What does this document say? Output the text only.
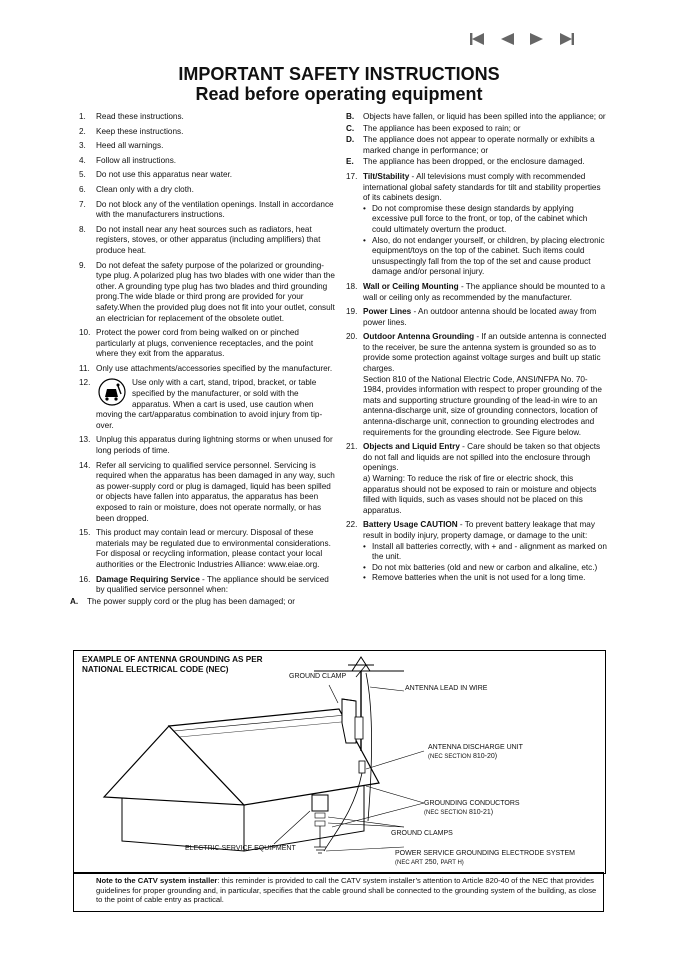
IMPORTANT SAFETY INSTRUCTIONS
Read before operating equipment
1.	Read these instructions.
2.	Keep these instructions.
3.	Heed all warnings.
4.	Follow all instructions.
5.	Do not use this apparatus near water.
6.	Clean only with a dry cloth.
7.	Do not block any of the ventilation openings. Install in accordance with the manufacturers instructions.
8.	Do not install near any heat sources such as radiators, heat registers, stoves, or other apparatus (including amplifiers) that produce heat.
9.	Do not defeat the safety purpose of the polarized or grounding-type plug. A polarized plug has two blades with one wider than the other. A grounding type plug has two blades and third grounding prong.The wide blade or third prong are provided for your safety.When the provided plug does not fit into your outlet, consult an electrician for replacement of the obsolete outlet.
10. Protect the power cord from being walked on or pinched particularly at plugs, convenience receptacles, and the point where they exit from the apparatus.
11. Only use attachments/accessories specified by the manufacturer.
12.	Use only with a cart, stand, tripod, bracket, or table specified by the manufacturer, or sold with the apparatus. When a cart is used, use caution when moving the cart/apparatus combination to avoid injury from tip-over.
13. Unplug this apparatus during lightning storms or when unused for long periods of time.
14. Refer all servicing to qualified service personnel. Servicing is required when the apparatus has been damaged in any way, such as power-supply cord or plug is damaged, liquid has been spilled or objects have fallen into apparatus, the apparatus has been exposed to rain or moisture, does not operate normally, or has been dropped.
15. This product may contain lead or mercury. Disposal of these materials may be regulated due to environmental considerations. For disposal or recycling information, please contact your local authorities or the Electronic Industries Alliance: www.eiae.org.
16. Damage Requiring Service - The appliance should be serviced by qualified service personnel when:
A.	The power supply cord or the plug has been damaged; or
B.	Objects have fallen, or liquid has been spilled into the appliance; or
C.	The appliance has been exposed to rain; or
D.	The appliance does not appear to operate normally or exhibits a marked change in performance; or
E.	The appliance has been dropped, or the enclosure damaged.
17. Tilt/Stability - All televisions must comply with recommended international global safety standards for tilt and stability properties of its cabinets design.
• Do not compromise these design standards by applying excessive pull force to the front, or top, of the cabinet which could ultimately overturn the product.
• Also, do not endanger yourself, or children, by placing electronic equipment/toys on the top of the cabinet. Such items could unsuspectingly fall from the top of the set and cause product damage and/or personal injury.
18. Wall or Ceiling Mounting - The appliance should be mounted to a wall or ceiling only as recommended by the manufacturer.
19. Power Lines - An outdoor antenna should be located away from power lines.
20. Outdoor Antenna Grounding - If an outside antenna is connected to the receiver, be sure the antenna system is grounded so as to provide some protection against voltage surges and built up static charges.
Section 810 of the National Electric Code, ANSI/NFPA No. 70-1984, provides information with respect to proper grounding of the mats and supporting structure grounding of the lead-in wire to an antenna-discharge unit, size of grounding connectors, location of antenna-discharge unit, connection to grounding electrodes and requirements for the grounding electrode. See Figure below.
21. Objects and Liquid Entry - Care should be taken so that objects do not fall and liquids are not spilled into the enclosure through openings.
a) Warning: To reduce the risk of fire or electric shock, this apparatus should not be exposed to rain or moisture and objects filled with liquids, such as vases should not be placed on this apparatus.
22. Battery Usage CAUTION - To prevent battery leakage that may result in bodily injury, property damage, or damage to the unit:
• Install all batteries correctly, with + and - alignment as marked on the unit.
• Do not mix batteries (old and new or carbon and alkaline, etc.)
• Remove batteries when the unit is not used for a long time.
EXAMPLE OF ANTENNA GROUNDING AS PER
NATIONAL ELECTRICAL CODE (NEC)
GROUND CLAMP
ANTENNA LEAD IN WIRE
ANTENNA DISCHARGE UNIT
(NEC SECTION 810-20)
GROUNDING CONDUCTORS
(NEC SECTION 810-21)
GROUND CLAMPS
ELECTRIC SERVICE EQUIPMENT
POWER SERVICE GROUNDING ELECTRODE SYSTEM
(NEC ART 250, PART H)
Note to the CATV system installer: this reminder is provided to call the CATV system installer’s attention to Article 820-40 of the NEC that provides guidelines for proper grounding and, in particular, specifies that the cable ground shall be connected to the grounding system of the building, as close to the point of cable entry as practical.
